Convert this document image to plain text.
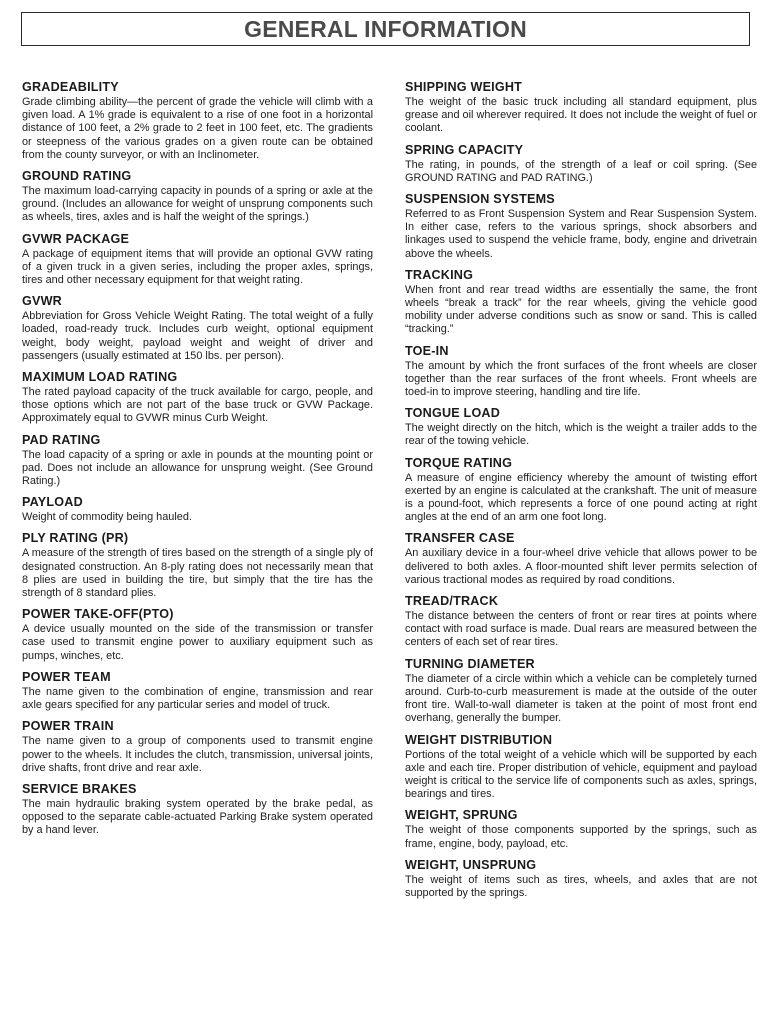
GENERAL INFORMATION
GRADEABILITY

Grade climbing ability—the percent of grade the vehicle will climb with a given load. A 1% grade is equivalent to a rise of one foot in a horizontal distance of 100 feet, a 2% grade to 2 feet in 100 feet, etc. The gradients or steepness of the various grades on a given route can be obtained from the county surveyor, or with an Inclinometer.

GROUND RATING

The maximum load-carrying capacity in pounds of a spring or axle at the ground. (Includes an allowance for weight of unsprung components such as wheels, tires, axles and is half the weight of the springs.)

GVWR PACKAGE

A package of equipment items that will provide an optional GVW rating of a given truck in a given series, including the proper axles, springs, tires and other necessary equipment for that weight rating.

GVWR

Abbreviation for Gross Vehicle Weight Rating. The total weight of a fully loaded, road-ready truck. Includes curb weight, optional equipment weight, body weight, payload weight and weight of driver and passengers (usually estimated at 150 lbs. per person).

MAXIMUM LOAD RATING

The rated payload capacity of the truck available for cargo, people, and those options which are not part of the base truck or GVW Package. Approximately equal to GVWR minus Curb Weight.

PAD RATING

The load capacity of a spring or axle in pounds at the mounting point or pad. Does not include an allowance for unsprung weight. (See Ground Rating.)

PAYLOAD

Weight of commodity being hauled.

PLY RATING (PR)

A measure of the strength of tires based on the strength of a single ply of designated construction. An 8-ply rating does not necessarily mean that 8 plies are used in building the tire, but simply that the tire has the strength of 8 standard plies.

POWER TAKE-OFF(PTO)

A device usually mounted on the side of the transmission or transfer case used to transmit engine power to auxiliary equipment such as pumps, winches, etc.

POWER TEAM

The name given to the combination of engine, transmission and rear axle gears specified for any particular series and model of truck.

POWER TRAIN

The name given to a group of components used to transmit engine power to the wheels. It includes the clutch, transmission, universal joints, drive shafts, front drive and rear axle.

SERVICE BRAKES

The main hydraulic braking system operated by the brake pedal, as opposed to the separate cable-actuated Parking Brake system operated by a hand lever.

SHIPPING WEIGHT

The weight of the basic truck including all standard equipment, plus grease and oil wherever required. It does not include the weight of fuel or coolant.

SPRING CAPACITY

The rating, in pounds, of the strength of a leaf or coil spring. (See GROUND RATING and PAD RATING.)

SUSPENSION SYSTEMS

Referred to as Front Suspension System and Rear Suspension System. In either case, refers to the various springs, shock absorbers and linkages used to suspend the vehicle frame, body, engine and drivetrain above the wheels.

TRACKING

When front and rear tread widths are essentially the same, the front wheels “break a track” for the rear wheels, giving the vehicle good mobility under adverse conditions such as snow or sand. This is called “tracking.”

TOE-IN

The amount by which the front surfaces of the front wheels are closer together than the rear surfaces of the front wheels. Front wheels are toed-in to improve steering, handling and tire life.

TONGUE LOAD

The weight directly on the hitch, which is the weight a trailer adds to the rear of the towing vehicle.

TORQUE RATING

A measure of engine efficiency whereby the amount of twisting effort exerted by an engine is calculated at the crankshaft. The unit of measure is a pound-foot, which represents a force of one pound acting at right angles at the end of an arm one foot long.

TRANSFER CASE

An auxiliary device in a four-wheel drive vehicle that allows power to be delivered to both axles. A floor-mounted shift lever permits selection of various tractional modes as required by road conditions.

TREAD/TRACK

The distance between the centers of front or rear tires at points where contact with road surface is made. Dual rears are measured between the centers of each set of rear tires.

TURNING DIAMETER

The diameter of a circle within which a vehicle can be completely turned around. Curb-to-curb measurement is made at the outside of the outer front tire. Wall-to-wall diameter is taken at the point of most front end overhang, generally the bumper.

WEIGHT DISTRIBUTION

Portions of the total weight of a vehicle which will be supported by each axle and each tire. Proper distribution of vehicle, equipment and payload weight is critical to the service life of components such as axles, springs, bearings and tires.

WEIGHT, SPRUNG

The weight of those components supported by the springs, such as frame, engine, body, payload, etc.

WEIGHT, UNSPRUNG

The weight of items such as tires, wheels, and axles that are not supported by the springs.
